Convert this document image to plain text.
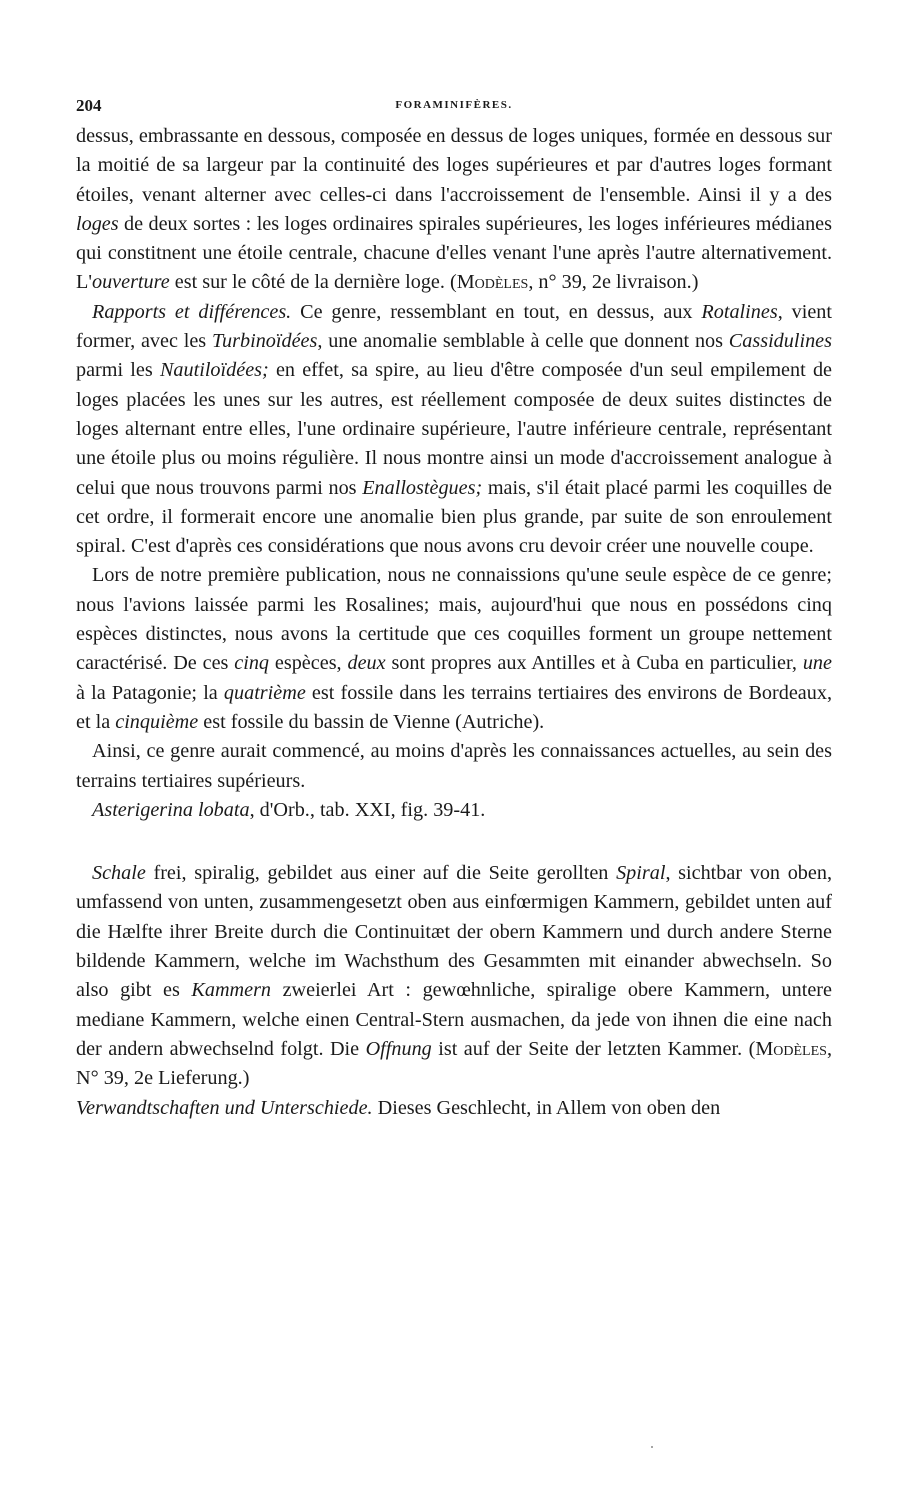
204	FORAMINIFÈRES.

dessus, embrassante en dessous, composée en dessus de loges uniques, formée en dessous sur la moitié de sa largeur par la continuité des loges supérieures et par d'autres loges formant étoiles, venant alterner avec celles-ci dans l'accroissement de l'ensemble. Ainsi il y a des loges de deux sortes : les loges ordinaires spirales supérieures, les loges inférieures médianes qui constitnent une étoile centrale, chacune d'elles venant l'une après l'autre alternativement. L'ouverture est sur le côté de la dernière loge. (Modèles, n° 39, 2e livraison.)

Rapports et différences. Ce genre, ressemblant en tout, en dessus, aux Rotalines, vient former, avec les Turbinoïdées, une anomalie semblable à celle que donnent nos Cassidulines parmi les Nautiloïdées; en effet, sa spire, au lieu d'être composée d'un seul empilement de loges placées les unes sur les autres, est réellement composée de deux suites distinctes de loges alternant entre elles, l'une ordinaire supérieure, l'autre inférieure centrale, représentant une étoile plus ou moins régulière. Il nous montre ainsi un mode d'accroissement analogue à celui que nous trouvons parmi nos Enallostègues; mais, s'il était placé parmi les coquilles de cet ordre, il formerait encore une anomalie bien plus grande, par suite de son enroulement spiral. C'est d'après ces considérations que nous avons cru devoir créer une nouvelle coupe.

Lors de notre première publication, nous ne connaissions qu'une seule espèce de ce genre; nous l'avions laissée parmi les Rosalines; mais, aujourd'hui que nous en possédons cinq espèces distinctes, nous avons la certitude que ces coquilles forment un groupe nettement caractérisé. De ces cinq espèces, deux sont propres aux Antilles et à Cuba en particulier, une à la Patagonie; la quatrième est fossile dans les terrains tertiaires des environs de Bordeaux, et la cinquième est fossile du bassin de Vienne (Autriche).

Ainsi, ce genre aurait commencé, au moins d'après les connaissances actuelles, au sein des terrains tertiaires supérieurs.

Asterigerina lobata, d'Orb., tab. XXI, fig. 39-41.

Schale frei, spiralig, gebildet aus einer auf die Seite gerollten Spiral, sichtbar von oben, umfassend von unten, zusammengesetzt oben aus einfœrmigen Kammern, gebildet unten auf die Hælfte ihrer Breite durch die Continuitæt der obern Kammern und durch andere Sterne bildende Kammern, welche im Wachsthum des Gesammten mit einander abwechseln. So also gibt es Kammern zweierlei Art : gewœhnliche, spiralige obere Kammern, untere mediane Kammern, welche einen Central-Stern ausmachen, da jede von ihnen die eine nach der andern abwechselnd folgt. Die Offnung ist auf der Seite der letzten Kammer. (Modèles, N° 39, 2e Lieferung.)

Verwandtschaften und Unterschiede. Dieses Geschlecht, in Allem von oben den
